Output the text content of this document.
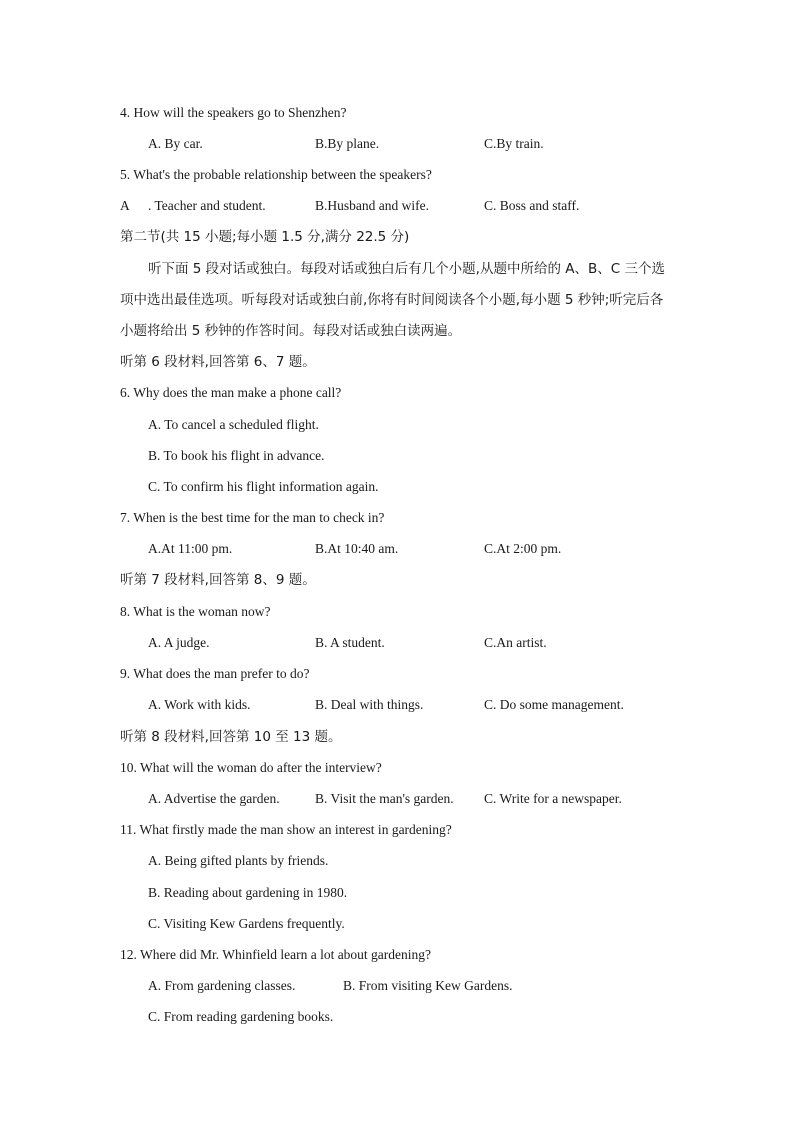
4. How will the speakers go to Shenzhen?
A. By car.	B.By plane.	C.By train.
5. What's the probable relationship between the speakers?
A . Teacher and student.	B.Husband and wife.	C. Boss and staff.
第二节(共 15 小题;每小题 1.5 分,满分 22.5 分)
听下面 5 段对话或独白。每段对话或独白后有几个小题,从题中所给的 A、B、C 三个选
项中选出最佳选项。听每段对话或独白前,你将有时间阅读各个小题,每小题 5 秒钟;听完后各
小题将给出 5 秒钟的作答时间。每段对话或独白读两遍。
听第 6 段材料,回答第 6、7 题。
6. Why does the man make a phone call?
A. To cancel a scheduled flight.
B. To book his flight in advance.
C. To confirm his flight information again.
7. When is the best time for the man to check in?
A.At 11:00 pm.	B.At 10:40 am.	C.At 2:00 pm.
听第 7 段材料,回答第 8、9 题。
8. What is the woman now?
A. A judge.	B. A student.	C.An artist.
9. What does the man prefer to do?
A. Work with kids.	B. Deal with things.	C. Do some management.
听第 8 段材料,回答第 10 至 13 题。
10. What will the woman do after the interview?
A. Advertise the garden.	B. Visit the man's garden. C. Write for a newspaper.
11. What firstly made the man show an interest in gardening?
A. Being gifted plants by friends.
B. Reading about gardening in 1980.
C. Visiting Kew Gardens frequently.
12. Where did Mr. Whinfield learn a lot about gardening?
A. From gardening classes.	B. From visiting Kew Gardens.
C. From reading gardening books.
